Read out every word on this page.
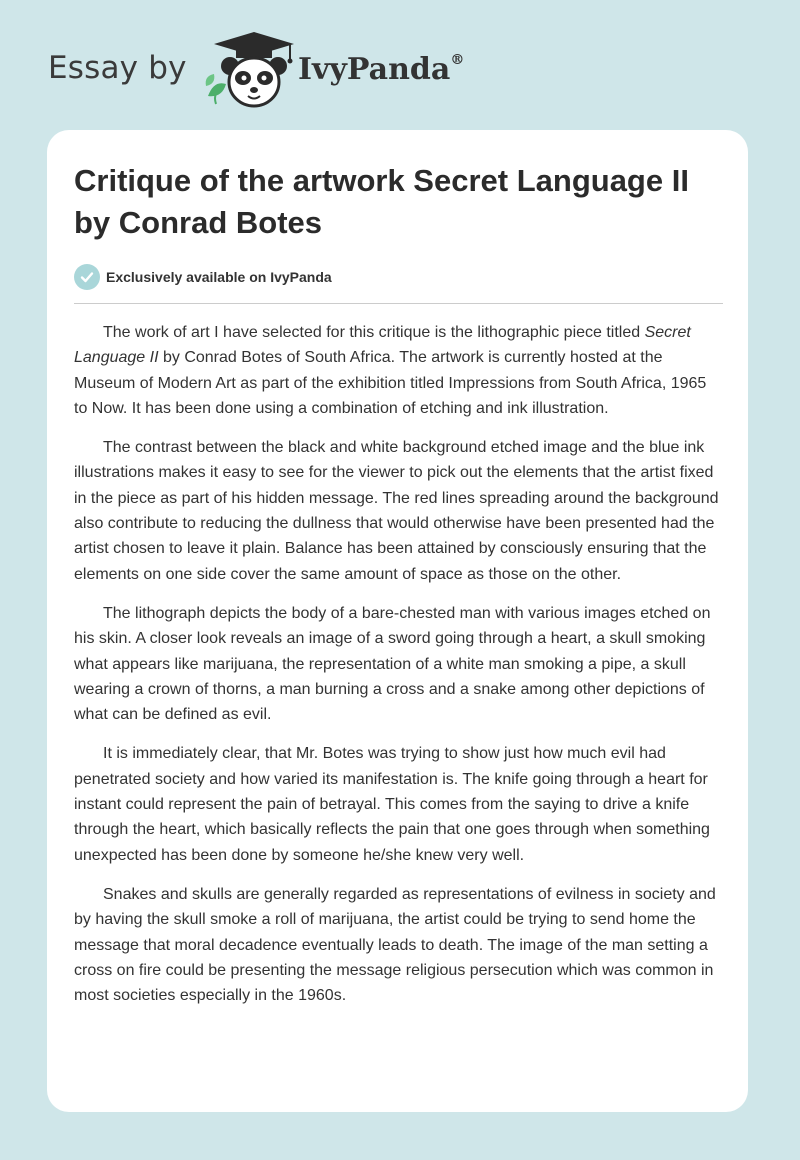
Essay by	IvyPanda®
Critique of the artwork Secret Language II by Conrad Botes
Exclusively available on IvyPanda

The work of art I have selected for this critique is the lithographic piece titled Secret Language II by Conrad Botes of South Africa. The artwork is currently hosted at the Museum of Modern Art as part of the exhibition titled Impressions from South Africa, 1965 to Now. It has been done using a combination of etching and ink illustration.

The contrast between the black and white background etched image and the blue ink illustrations makes it easy to see for the viewer to pick out the elements that the artist fixed in the piece as part of his hidden message. The red lines spreading around the background also contribute to reducing the dullness that would otherwise have been presented had the artist chosen to leave it plain. Balance has been attained by consciously ensuring that the elements on one side cover the same amount of space as those on the other.

The lithograph depicts the body of a bare-chested man with various images etched on his skin. A closer look reveals an image of a sword going through a heart, a skull smoking what appears like marijuana, the representation of a white man smoking a pipe, a skull wearing a crown of thorns, a man burning a cross and a snake among other depictions of what can be defined as evil.

It is immediately clear, that Mr. Botes was trying to show just how much evil had penetrated society and how varied its manifestation is. The knife going through a heart for instant could represent the pain of betrayal. This comes from the saying to drive a knife through the heart, which basically reflects the pain that one goes through when something unexpected has been done by someone he/she knew very well.

Snakes and skulls are generally regarded as representations of evilness in society and by having the skull smoke a roll of marijuana, the artist could be trying to send home the message that moral decadence eventually leads to death. The image of the man setting a cross on fire could be presenting the message religious persecution which was common in most societies especially in the 1960s.
